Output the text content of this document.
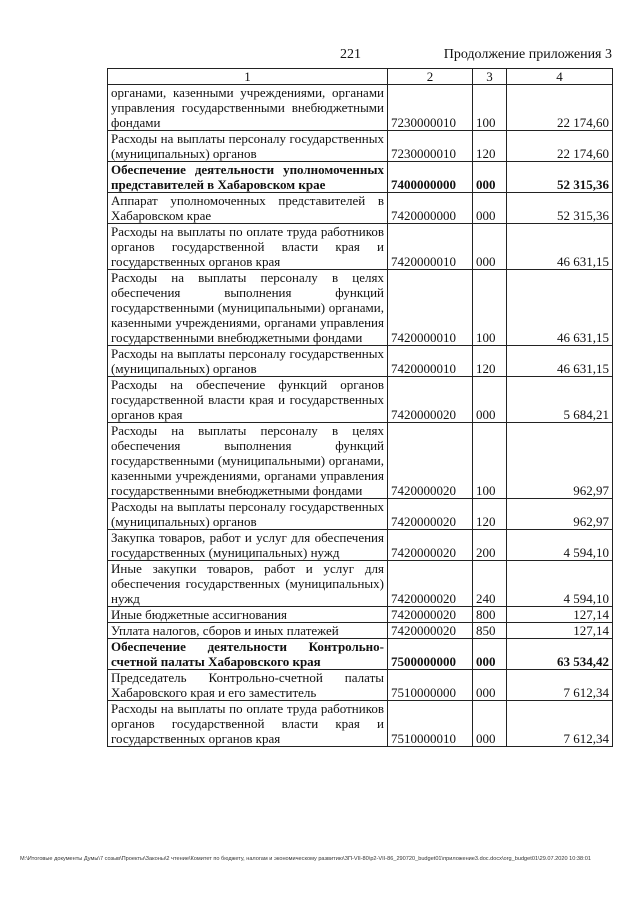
221	Продолжение приложения 3
1	2	3	4
органами, казенными учреждениями, органами управления государственными внебюджетными фондами	7230000010	100	22 174,60
Расходы на выплаты персоналу государственных (муниципальных) органов	7230000010	120	22 174,60
Обеспечение деятельности уполномоченных представителей в Хабаровском крае	7400000000	000	52 315,36
Аппарат уполномоченных представителей в Хабаровском крае	7420000000	000	52 315,36
Расходы на выплаты по оплате труда работников органов государственной власти края и государственных органов края	7420000010	000	46 631,15
Расходы на выплаты персоналу в целях обеспечения выполнения функций государственными (муниципальными) органами, казенными учреждениями, органами управления государственными внебюджетными фондами	7420000010	100	46 631,15
Расходы на выплаты персоналу государственных (муниципальных) органов	7420000010	120	46 631,15
Расходы на обеспечение функций органов государственной власти края и государственных органов края	7420000020	000	5 684,21
Расходы на выплаты персоналу в целях обеспечения выполнения функций государственными (муниципальными) органами, казенными учреждениями, органами управления государственными внебюджетными фондами	7420000020	100	962,97
Расходы на выплаты персоналу государственных (муниципальных) органов	7420000020	120	962,97
Закупка товаров, работ и услуг для обеспечения государственных (муниципальных) нужд	7420000020	200	4 594,10
Иные закупки товаров, работ и услуг для обеспечения государственных (муниципальных) нужд	7420000020	240	4 594,10
Иные бюджетные ассигнования	7420000020	800	127,14
Уплата налогов, сборов и иных платежей	7420000020	850	127,14
Обеспечение деятельности Контрольно-счетной палаты Хабаровского края	7500000000	000	63 534,42
Председатель Контрольно-счетной палаты Хабаровского края и его заместитель	7510000000	000	7 612,34
Расходы на выплаты по оплате труда работников органов государственной власти края и государственных органов края	7510000010	000	7 612,34
М:\Итоговые документы Думы\7 созыв\Проекты\Законы\2 чтение\Комитет по бюджету, налогам и экономическому развитию\ЗП-VII-80\р2-VII-86_290720_budget01\приложение3.doc.docx\org_budget01\29.07.2020 10:38:01
